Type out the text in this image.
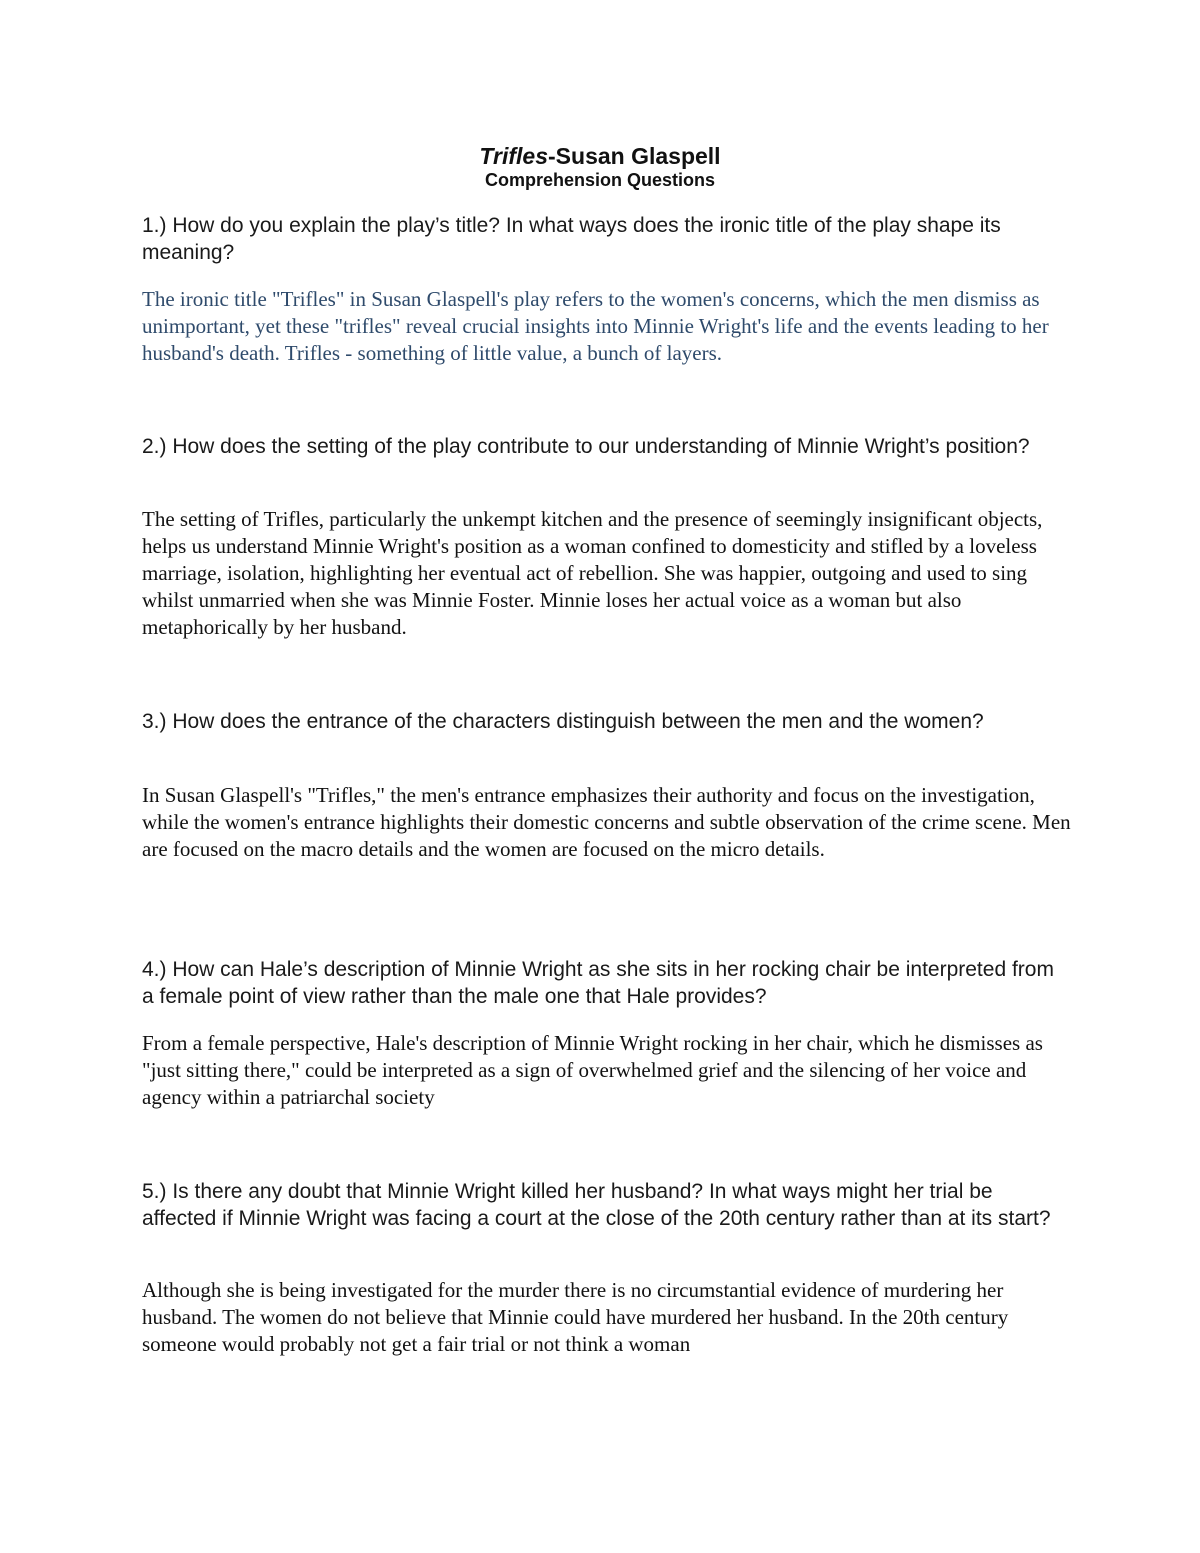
Trifles-Susan Glaspell
Comprehension Questions

1.) How do you explain the play’s title? In what ways does the ironic title of the play shape its meaning?

The ironic title "Trifles" in Susan Glaspell's play refers to the women's concerns, which the men dismiss as unimportant, yet these "trifles" reveal crucial insights into Minnie Wright's life and the events leading to her husband's death. Trifles - something of little value, a bunch of layers.

2.) How does the setting of the play contribute to our understanding of Minnie Wright’s position?

The setting of Trifles, particularly the unkempt kitchen and the presence of seemingly insignificant objects, helps us understand Minnie Wright's position as a woman confined to domesticity and stifled by a loveless marriage, isolation, highlighting her eventual act of rebellion. She was happier, outgoing and used to sing whilst unmarried when she was Minnie Foster. Minnie loses her actual voice as a woman but also metaphorically by her husband.

3.) How does the entrance of the characters distinguish between the men and the women?

In Susan Glaspell's "Trifles," the men's entrance emphasizes their authority and focus on the investigation, while the women's entrance highlights their domestic concerns and subtle observation of the crime scene. Men are focused on the macro details and the women are focused on the micro details.

4.) How can Hale’s description of Minnie Wright as she sits in her rocking chair be interpreted from a female point of view rather than the male one that Hale provides?

From a female perspective, Hale's description of Minnie Wright rocking in her chair, which he dismisses as "just sitting there," could be interpreted as a sign of overwhelmed grief and the silencing of her voice and agency within a patriarchal society

5.) Is there any doubt that Minnie Wright killed her husband? In what ways might her trial be affected if Minnie Wright was facing a court at the close of the 20th century rather than at its start?

Although she is being investigated for the murder there is no circumstantial evidence of murdering her husband. The women do not believe that Minnie could have murdered her husband. In the 20th century someone would probably not get a fair trial or not think a woman
